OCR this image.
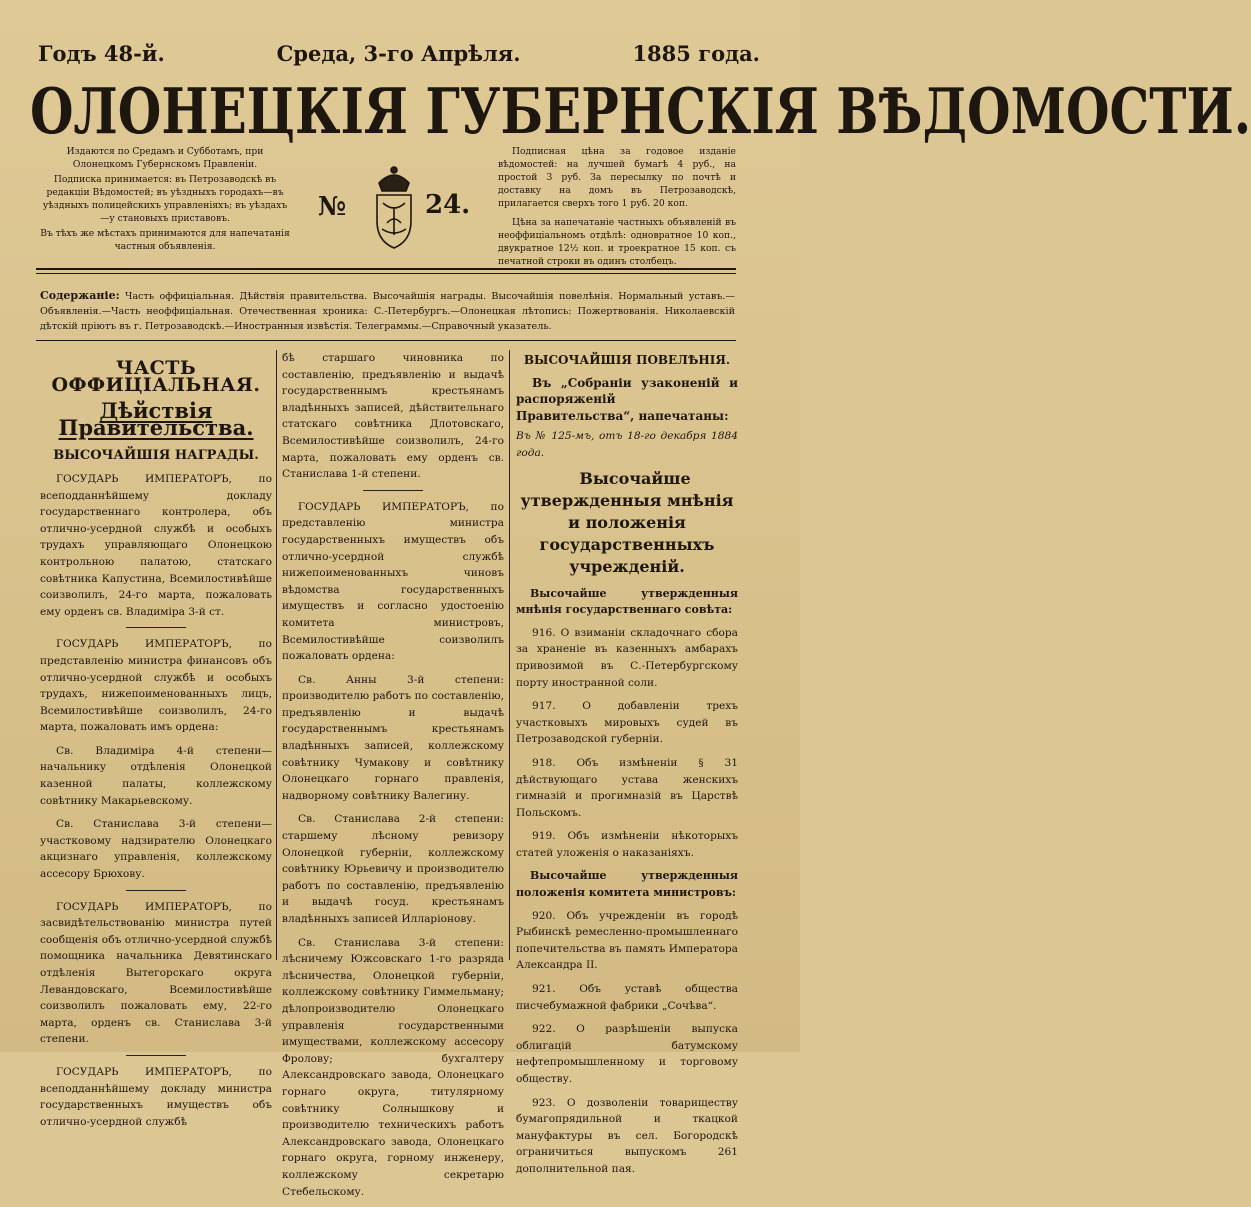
Годъ 48-й.	Среда, 3-го Апрѣля.	1885 года.
ОЛОНЕЦКІЯ ГУБЕРНСКІЯ ВѢДОМОСТИ.

Издаются по Средамъ и Субботамъ, при Олонецкомъ Губернскомъ Правленіи.

Подписка принимается: въ Петрозаводскѣ въ редакціи Вѣдомостей; въ уѣздныхъ городахъ—въ уѣздныхъ полицейскихъ управленіяхъ; въ уѣздахъ—у становыхъ приставовъ.

Въ тѣхъ же мѣстахъ принимаются для напечатанія частныя объявленія.

№	24.

Подписная цѣна за годовое изданіе вѣдомостей: на лучшей бумагѣ 4 руб., на простой 3 руб. За пересылку по почтѣ и доставку на домъ въ Петрозаводскѣ, прилагается сверхъ того 1 руб. 20 коп.

Цѣна за напечатаніе частныхъ объявленій въ неоффиціальномъ отдѣлѣ: одновратное 10 коп., двукратное 12½ коп. и троекратное 15 коп. съ печатной строки въ одинъ столбецъ.

Содержаніе: Часть оффиціальная. Дѣйствія правительства. Высочайшія награды. Высочайшія повелѣнія. Нормальный уставъ.—Объявленія.—Часть неоффиціальная. Отечественная хроника: С.-Петербургъ.—Олонецкая лѣтопись: Пожертвованія. Николаевскій дѣтскій пріютъ въ г. Петрозаводскѣ.—Иностранныя извѣстія. Телеграммы.—Справочный указатель.
ЧАСТЬ ОФФИЦІАЛЬНАЯ.
Дѣйствія Правительства.
ВЫСОЧАЙШІЯ НАГРАДЫ.

ГОСУДАРЬ ИМПЕРАТОРЪ, по всеподданнѣйшему докладу государственнаго контролера, объ отлично-усердной службѣ и особыхъ трудахъ управляющаго Олонецкою контрольною палатою, статскаго совѣтника Капустина, Всемилостивѣйше соизволилъ, 24-го марта, пожаловать ему орденъ св. Владиміра 3-й ст.

ГОСУДАРЬ ИМПЕРАТОРЪ, по представленію министра финансовъ объ отлично-усердной службѣ и особыхъ трудахъ, нижепоименованныхъ лицъ, Всемилостивѣйше соизволилъ, 24-го марта, пожаловать имъ ордена:

Св. Владиміра 4-й степени—начальнику отдѣленія Олонецкой казенной палаты, коллежскому совѣтнику Макарьевскому.

Св. Станислава 3-й степени—участковому надзирателю Олонецкаго акцизнаго управленія, коллежскому ассесору Брюхову.

ГОСУДАРЬ ИМПЕРАТОРЪ, по засвидѣтельствованію министра путей сообщенія объ отлично-усердной службѣ помощника начальника Девятинскаго отдѣленія Вытегорскаго округа Левандовскаго, Всемилостивѣйше соизволилъ пожаловать ему, 22-го марта, орденъ св. Станислава 3-й степени.

ГОСУДАРЬ ИМПЕРАТОРЪ, по всеподданнѣйшему докладу министра государственныхъ имуществъ объ отлично-усердной службѣ

бѣ старшаго чиновника по составленію, предъявленію и выдачѣ государственнымъ крестьянамъ владѣнныхъ записей, дѣйствительнаго статскаго совѣтника Длотовскаго, Всемилостивѣйше соизволилъ, 24-го марта, пожаловать ему орденъ св. Станислава 1-й степени.

ГОСУДАРЬ ИМПЕРАТОРЪ, по представленію министра государственныхъ имуществъ объ отлично-усердной службѣ нижепоименованныхъ чиновъ вѣдомства государственныхъ имуществъ и согласно удостоенію комитета министровъ, Всемилостивѣйше соизволилъ пожаловать ордена:

Св. Анны 3-й степени: производителю работъ по составленію, предъявленію и выдачѣ государственнымъ крестьянамъ владѣнныхъ записей, коллежскому совѣтнику Чумакову и совѣтнику Олонецкаго горнаго правленія, надворному совѣтнику Валегину.

Св. Станислава 2-й степени: старшему лѣсному ревизору Олонецкой губерніи, коллежскому совѣтнику Юрьевичу и производителю работъ по составленію, предъявленію и выдачѣ госуд. крестьянамъ владѣнныхъ записей Илларіонову.

Св. Станислава 3-й степени: лѣсничему Южсовскаго 1-го разряда лѣсничества, Олонецкой губерніи, коллежскому совѣтнику Гиммельману; дѣлопроизводителю Олонецкаго управленія государственными имуществами, коллежскому ассесору Фролову; бухгалтеру Александровскаго завода, Олонецкаго горнаго округа, титулярному совѣтнику Солнышкову и производителю техническихъ работъ Александровскаго завода, Олонецкаго горнаго округа, горному инженеру, коллежскому секретарю Стебельскому.

ВЫСОЧАЙШІЯ ПОВЕЛѢНІЯ.

Въ „Собраніи узаконеній и распоряженій Правительства“, напечатаны:

Въ № 125-мъ, отъ 18-го декабря 1884 года.

Высочайше утвержденныя мнѣнія и положенія государственныхъ учрежденій.

Высочайше утвержденныя мнѣнія государственнаго совѣта:

916. О взиманіи складочнаго сбора за храненіе въ казенныхъ амбарахъ привозимой въ С.-Петербургскому порту иностранной соли.

917. О добавленіи трехъ участковыхъ мировыхъ судей въ Петрозаводской губерніи.

918. Объ измѣненіи § 31 дѣйствующаго устава женскихъ гимназій и прогимназій въ Царствѣ Польскомъ.

919. Объ измѣненіи нѣкоторыхъ статей уложенія о наказаніяхъ.

Высочайше утвержденныя положенія комитета министровъ:

920. Объ учрежденіи въ городѣ Рыбинскѣ ремесленно-промышленнаго попечительства въ память Императора Александра II.

921. Объ уставѣ общества писчебумажной фабрики „Сочѣва“.

922. О разрѣшеніи выпуска облигацій батумскому нефтепромышленному и торговому обществу.

923. О дозволеніи товариществу бумагопрядильной и ткацкой мануфактуры въ сел. Богородскѣ ограничиться выпускомъ 261 дополнительной пая.
